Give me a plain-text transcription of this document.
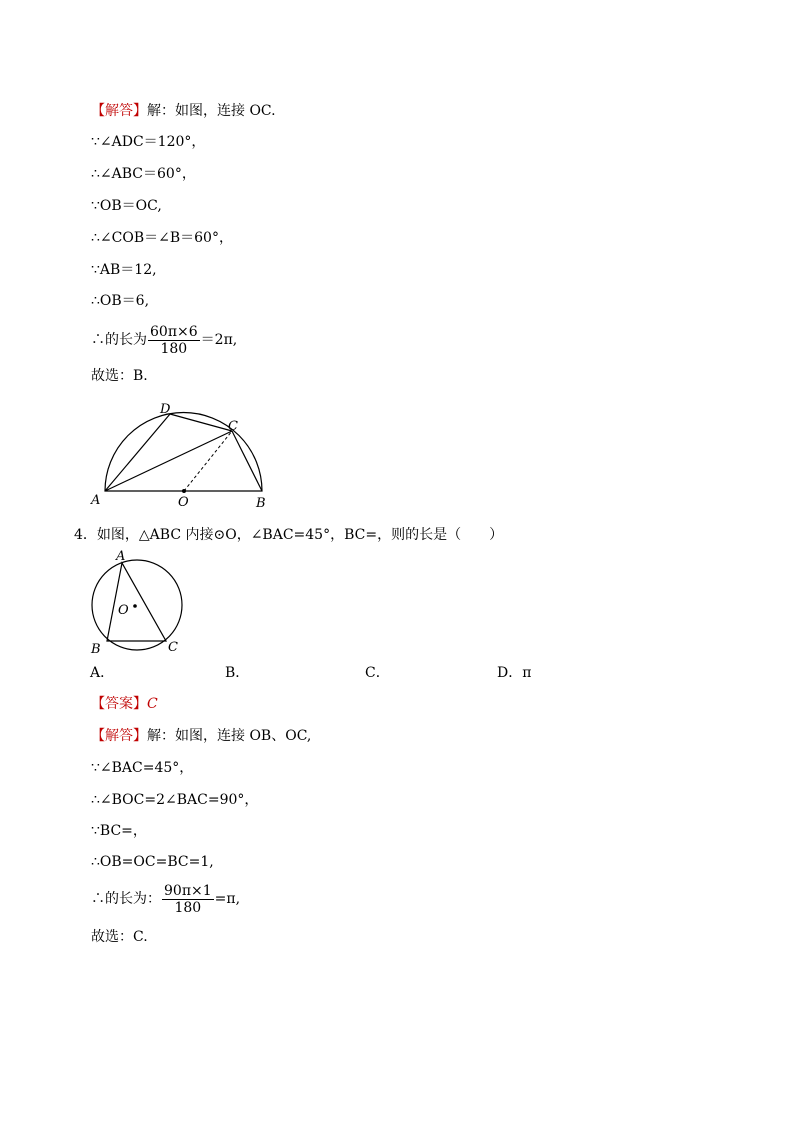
【解答】解：如图，连接 OC.
∵∠ADC＝120°，
∴∠ABC＝60°，
∵OB＝OC,
∴∠COB＝∠B＝60°，
∵AB＝12,
∴OB＝6,
∴的长为 $\frac{60\pi\times 6}{180} =2\pi$,
故选：B.
A	B
C
D
O
4．如图，△ABC 内接⊙O，∠BAC=45°，BC=，则的长是（　　）
A
B	C
O
A．	B．	C．	D．π
【答案】C
【解答】解：如图，连接 OB、OC,
∵∠BAC=45°，
∴∠BOC=2∠BAC=90°，
∵BC=，
∴OB=OC=BC=1,
∴的长为： $\frac{90\pi\times 1}{180} =\pi$,
故选：C.
